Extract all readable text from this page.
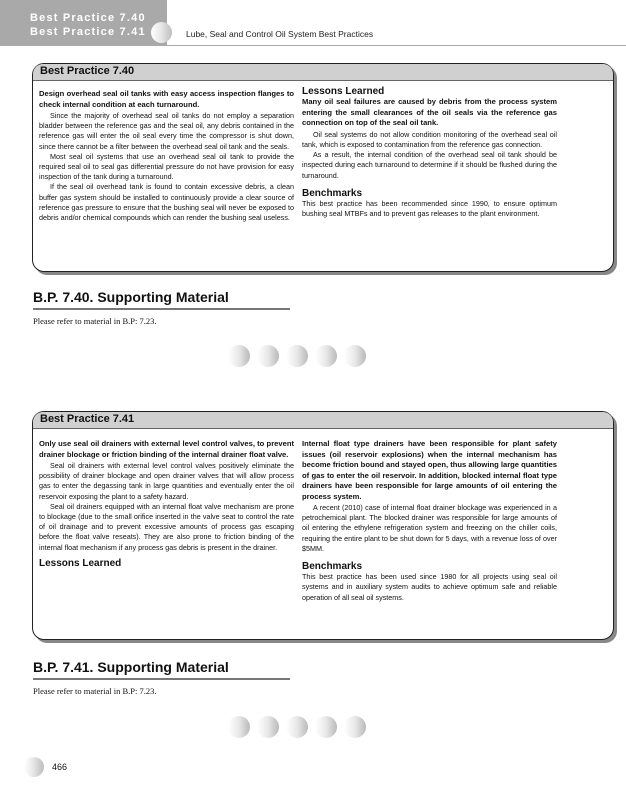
Best Practice 7.40
Best Practice 7.41	Lube, Seal and Control Oil System Best Practices
Best Practice 7.40

Design overhead seal oil tanks with easy access inspection flanges to check internal condition at each turnaround.

Since the majority of overhead seal oil tanks do not employ a separation bladder between the reference gas and the seal oil, any debris contained in the reference gas will enter the oil seal every time the compressor is shut down, since there cannot be a filter between the overhead seal oil tank and the seals.

Most seal oil systems that use an overhead seal oil tank to provide the required seal oil to seal gas differential pressure do not have provision for easy inspection of the tank during a turnaround.

If the seal oil overhead tank is found to contain excessive debris, a clean buffer gas system should be installed to continuously provide a clear source of reference gas pressure to ensure that the bushing seal will never be exposed to debris and/or chemical compounds which can render the bushing seal useless.

Lessons Learned

Many oil seal failures are caused by debris from the process system entering the small clearances of the oil seals via the reference gas connection on top of the seal oil tank.

Oil seal systems do not allow condition monitoring of the overhead seal oil tank, which is exposed to contamination from the reference gas connection.

As a result, the internal condition of the overhead seal oil tank should be inspected during each turnaround to determine if it should be flushed during the turnaround.

Benchmarks

This best practice has been recommended since 1990, to ensure optimum bushing seal MTBFs and to prevent gas releases to the plant environment.

B.P. 7.40. Supporting Material
Please refer to material in B.P: 7.23.
Best Practice 7.41

Only use seal oil drainers with external level control valves, to prevent drainer blockage or friction binding of the internal drainer float valve.

Seal oil drainers with external level control valves positively eliminate the possibility of drainer blockage and open drainer valves that will allow process gas to enter the degassing tank in large quantities and eventually enter the oil reservoir exposing the plant to a safety hazard.

Seal oil drainers equipped with an internal float valve mechanism are prone to blockage (due to the small orifice inserted in the valve seat to control the rate of oil drainage and to prevent excessive amounts of process gas escaping before the float valve reseats). They are also prone to friction binding of the internal float mechanism if any process gas debris is present in the drainer.

Lessons Learned

Internal float type drainers have been responsible for plant safety issues (oil reservoir explosions) when the internal mechanism has become friction bound and stayed open, thus allowing large quantities of gas to enter the oil reservoir. In addition, blocked internal float type drainers have been responsible for large amounts of oil entering the process system.

A recent (2010) case of internal float drainer blockage was experienced in a petrochemical plant. The blocked drainer was responsible for large amounts of oil entering the ethylene refrigeration system and freezing on the chiller coils, requiring the entire plant to be shut down for 5 days, with a revenue loss of over $5MM.

Benchmarks

This best practice has been used since 1980 for all projects using seal oil systems and in auxiliary system audits to achieve optimum safe and reliable operation of all seal oil systems.

B.P. 7.41. Supporting Material
Please refer to material in B.P: 7.23.
466
